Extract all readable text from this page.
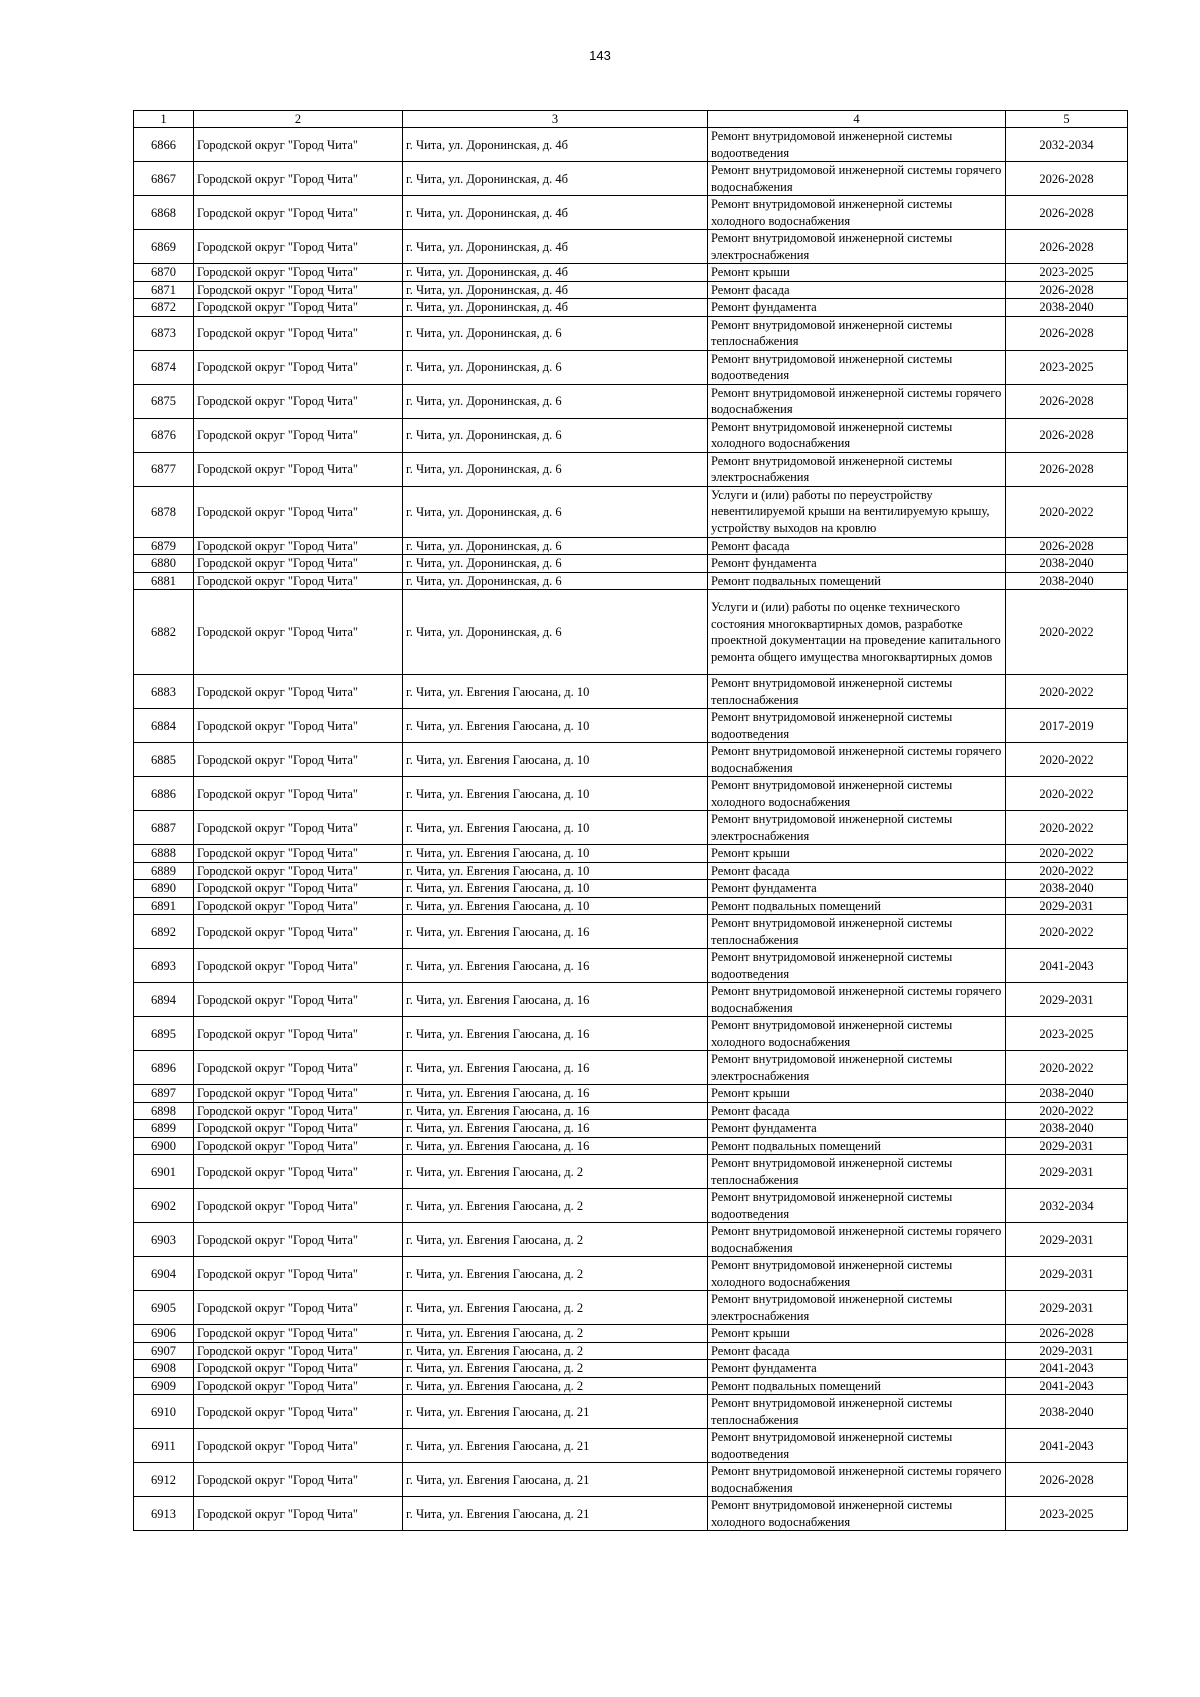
143
1	2	3	4	5
6866	Городской округ "Город Чита"	г. Чита, ул. Доронинская, д. 4б	Ремонт внутридомовой инженерной системы водоотведения	2032-2034
6867	Городской округ "Город Чита"	г. Чита, ул. Доронинская, д. 4б	Ремонт внутридомовой инженерной системы горячего водоснабжения	2026-2028
6868	Городской округ "Город Чита"	г. Чита, ул. Доронинская, д. 4б	Ремонт внутридомовой инженерной системы холодного водоснабжения	2026-2028
6869	Городской округ "Город Чита"	г. Чита, ул. Доронинская, д. 4б	Ремонт внутридомовой инженерной системы электроснабжения	2026-2028
6870	Городской округ "Город Чита"	г. Чита, ул. Доронинская, д. 4б	Ремонт крыши	2023-2025
6871	Городской округ "Город Чита"	г. Чита, ул. Доронинская, д. 4б	Ремонт фасада	2026-2028
6872	Городской округ "Город Чита"	г. Чита, ул. Доронинская, д. 4б	Ремонт фундамента	2038-2040
6873	Городской округ "Город Чита"	г. Чита, ул. Доронинская, д. 6	Ремонт внутридомовой инженерной системы теплоснабжения	2026-2028
6874	Городской округ "Город Чита"	г. Чита, ул. Доронинская, д. 6	Ремонт внутридомовой инженерной системы водоотведения	2023-2025
6875	Городской округ "Город Чита"	г. Чита, ул. Доронинская, д. 6	Ремонт внутридомовой инженерной системы горячего водоснабжения	2026-2028
6876	Городской округ "Город Чита"	г. Чита, ул. Доронинская, д. 6	Ремонт внутридомовой инженерной системы холодного водоснабжения	2026-2028
6877	Городской округ "Город Чита"	г. Чита, ул. Доронинская, д. 6	Ремонт внутридомовой инженерной системы электроснабжения	2026-2028
6878	Городской округ "Город Чита"	г. Чита, ул. Доронинская, д. 6	Услуги и (или) работы по переустройству невентилируемой крыши на вентилируемую крышу, устройству выходов на кровлю	2020-2022
6879	Городской округ "Город Чита"	г. Чита, ул. Доронинская, д. 6	Ремонт фасада	2026-2028
6880	Городской округ "Город Чита"	г. Чита, ул. Доронинская, д. 6	Ремонт фундамента	2038-2040
6881	Городской округ "Город Чита"	г. Чита, ул. Доронинская, д. 6	Ремонт подвальных помещений	2038-2040
6882	Городской округ "Город Чита"	г. Чита, ул. Доронинская, д. 6	Услуги и (или) работы по оценке технического состояния многоквартирных домов, разработке проектной документации на проведение капитального ремонта общего имущества многоквартирных домов	2020-2022
6883	Городской округ "Город Чита"	г. Чита, ул. Евгения Гаюсана, д. 10	Ремонт внутридомовой инженерной системы теплоснабжения	2020-2022
6884	Городской округ "Город Чита"	г. Чита, ул. Евгения Гаюсана, д. 10	Ремонт внутридомовой инженерной системы водоотведения	2017-2019
6885	Городской округ "Город Чита"	г. Чита, ул. Евгения Гаюсана, д. 10	Ремонт внутридомовой инженерной системы горячего водоснабжения	2020-2022
6886	Городской округ "Город Чита"	г. Чита, ул. Евгения Гаюсана, д. 10	Ремонт внутридомовой инженерной системы холодного водоснабжения	2020-2022
6887	Городской округ "Город Чита"	г. Чита, ул. Евгения Гаюсана, д. 10	Ремонт внутридомовой инженерной системы электроснабжения	2020-2022
6888	Городской округ "Город Чита"	г. Чита, ул. Евгения Гаюсана, д. 10	Ремонт крыши	2020-2022
6889	Городской округ "Город Чита"	г. Чита, ул. Евгения Гаюсана, д. 10	Ремонт фасада	2020-2022
6890	Городской округ "Город Чита"	г. Чита, ул. Евгения Гаюсана, д. 10	Ремонт фундамента	2038-2040
6891	Городской округ "Город Чита"	г. Чита, ул. Евгения Гаюсана, д. 10	Ремонт подвальных помещений	2029-2031
6892	Городской округ "Город Чита"	г. Чита, ул. Евгения Гаюсана, д. 16	Ремонт внутридомовой инженерной системы теплоснабжения	2020-2022
6893	Городской округ "Город Чита"	г. Чита, ул. Евгения Гаюсана, д. 16	Ремонт внутридомовой инженерной системы водоотведения	2041-2043
6894	Городской округ "Город Чита"	г. Чита, ул. Евгения Гаюсана, д. 16	Ремонт внутридомовой инженерной системы горячего водоснабжения	2029-2031
6895	Городской округ "Город Чита"	г. Чита, ул. Евгения Гаюсана, д. 16	Ремонт внутридомовой инженерной системы холодного водоснабжения	2023-2025
6896	Городской округ "Город Чита"	г. Чита, ул. Евгения Гаюсана, д. 16	Ремонт внутридомовой инженерной системы электроснабжения	2020-2022
6897	Городской округ "Город Чита"	г. Чита, ул. Евгения Гаюсана, д. 16	Ремонт крыши	2038-2040
6898	Городской округ "Город Чита"	г. Чита, ул. Евгения Гаюсана, д. 16	Ремонт фасада	2020-2022
6899	Городской округ "Город Чита"	г. Чита, ул. Евгения Гаюсана, д. 16	Ремонт фундамента	2038-2040
6900	Городской округ "Город Чита"	г. Чита, ул. Евгения Гаюсана, д. 16	Ремонт подвальных помещений	2029-2031
6901	Городской округ "Город Чита"	г. Чита, ул. Евгения Гаюсана, д. 2	Ремонт внутридомовой инженерной системы теплоснабжения	2029-2031
6902	Городской округ "Город Чита"	г. Чита, ул. Евгения Гаюсана, д. 2	Ремонт внутридомовой инженерной системы водоотведения	2032-2034
6903	Городской округ "Город Чита"	г. Чита, ул. Евгения Гаюсана, д. 2	Ремонт внутридомовой инженерной системы горячего водоснабжения	2029-2031
6904	Городской округ "Город Чита"	г. Чита, ул. Евгения Гаюсана, д. 2	Ремонт внутридомовой инженерной системы холодного водоснабжения	2029-2031
6905	Городской округ "Город Чита"	г. Чита, ул. Евгения Гаюсана, д. 2	Ремонт внутридомовой инженерной системы электроснабжения	2029-2031
6906	Городской округ "Город Чита"	г. Чита, ул. Евгения Гаюсана, д. 2	Ремонт крыши	2026-2028
6907	Городской округ "Город Чита"	г. Чита, ул. Евгения Гаюсана, д. 2	Ремонт фасада	2029-2031
6908	Городской округ "Город Чита"	г. Чита, ул. Евгения Гаюсана, д. 2	Ремонт фундамента	2041-2043
6909	Городской округ "Город Чита"	г. Чита, ул. Евгения Гаюсана, д. 2	Ремонт подвальных помещений	2041-2043
6910	Городской округ "Город Чита"	г. Чита, ул. Евгения Гаюсана, д. 21	Ремонт внутридомовой инженерной системы теплоснабжения	2038-2040
6911	Городской округ "Город Чита"	г. Чита, ул. Евгения Гаюсана, д. 21	Ремонт внутридомовой инженерной системы водоотведения	2041-2043
6912	Городской округ "Город Чита"	г. Чита, ул. Евгения Гаюсана, д. 21	Ремонт внутридомовой инженерной системы горячего водоснабжения	2026-2028
6913	Городской округ "Город Чита"	г. Чита, ул. Евгения Гаюсана, д. 21	Ремонт внутридомовой инженерной системы холодного водоснабжения	2023-2025
